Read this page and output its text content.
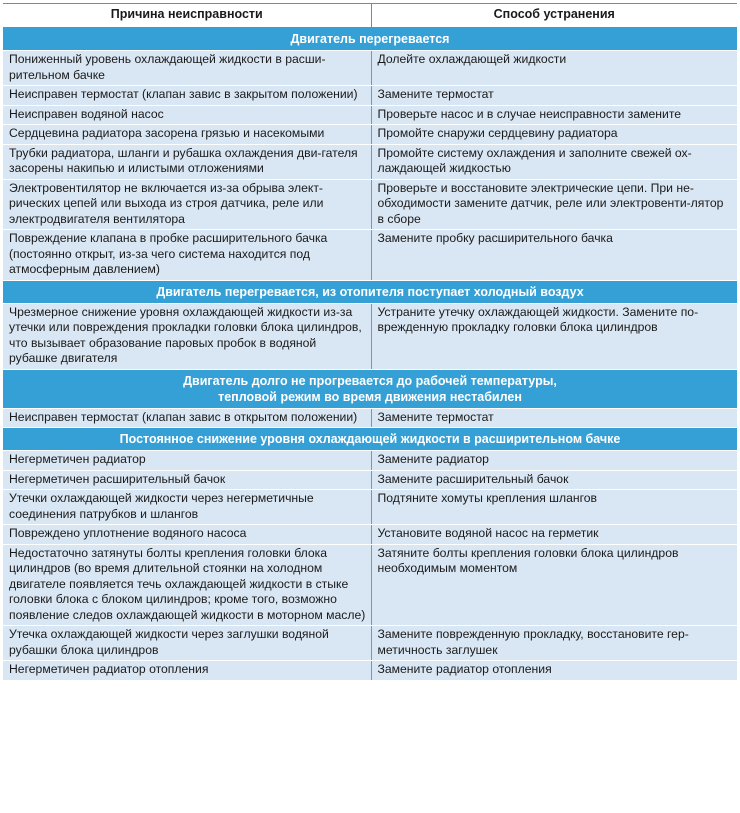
Причина неисправности	Способ устранения
Двигатель перегревается	
Пониженный уровень охлаждающей жидкости в расши-рительном бачке	Долейте охлаждающей жидкости
Неисправен термостат (клапан завис в закрытом положении)	Замените термостат
Неисправен водяной насос	Проверьте насос и в случае неисправности замените
Сердцевина радиатора засорена грязью и насекомыми	Промойте снаружи сердцевину радиатора
Трубки радиатора, шланги и рубашка охлаждения дви-гателя засорены накипью и илистыми отложениями	Промойте систему охлаждения и заполните свежей ох-лаждающей жидкостью
Электровентилятор не включается из-за обрыва элект-рических цепей или выхода из строя датчика, реле или электродвигателя вентилятора	Проверьте и восстановите электрические цепи. При не-обходимости замените датчик, реле или электровенти-лятор в сборе
Повреждение клапана в пробке расширительного бачка (постоянно открыт, из-за чего система находится под атмосферным давлением)	Замените пробку расширительного бачка
Двигатель перегревается, из отопителя поступает холодный воздух	
Чрезмерное снижение уровня охлаждающей жидкости из-за утечки или повреждения прокладки головки блока цилиндров, что вызывает образование паровых пробок в водяной рубашке двигателя	Устраните утечку охлаждающей жидкости. Замените по-врежденную прокладку головки блока цилиндров
Двигатель долго не прогревается до рабочей температуры,
тепловой режим во время движения нестабилен	
Неисправен термостат (клапан завис в открытом положении)	Замените термостат
Постоянное снижение уровня охлаждающей жидкости в расширительном бачке	
Негерметичен радиатор	Замените радиатор
Негерметичен расширительный бачок	Замените расширительный бачок
Утечки охлаждающей жидкости через негерметичные соединения патрубков и шлангов	Подтяните хомуты крепления шлангов
Повреждено уплотнение водяного насоса	Установите водяной насос на герметик
Недостаточно затянуты болты крепления головки блока цилиндров (во время длительной стоянки на холодном двигателе появляется течь охлаждающей жидкости в стыке головки блока с блоком цилиндров; кроме того, возможно появление следов охлаждающей жидкости в моторном масле)	Затяните болты крепления головки блока цилиндров необходимым моментом
Утечка охлаждающей жидкости через заглушки водяной рубашки блока цилиндров	Замените поврежденную прокладку, восстановите гер-метичность заглушек
Негерметичен радиатор отопления	Замените радиатор отопления
